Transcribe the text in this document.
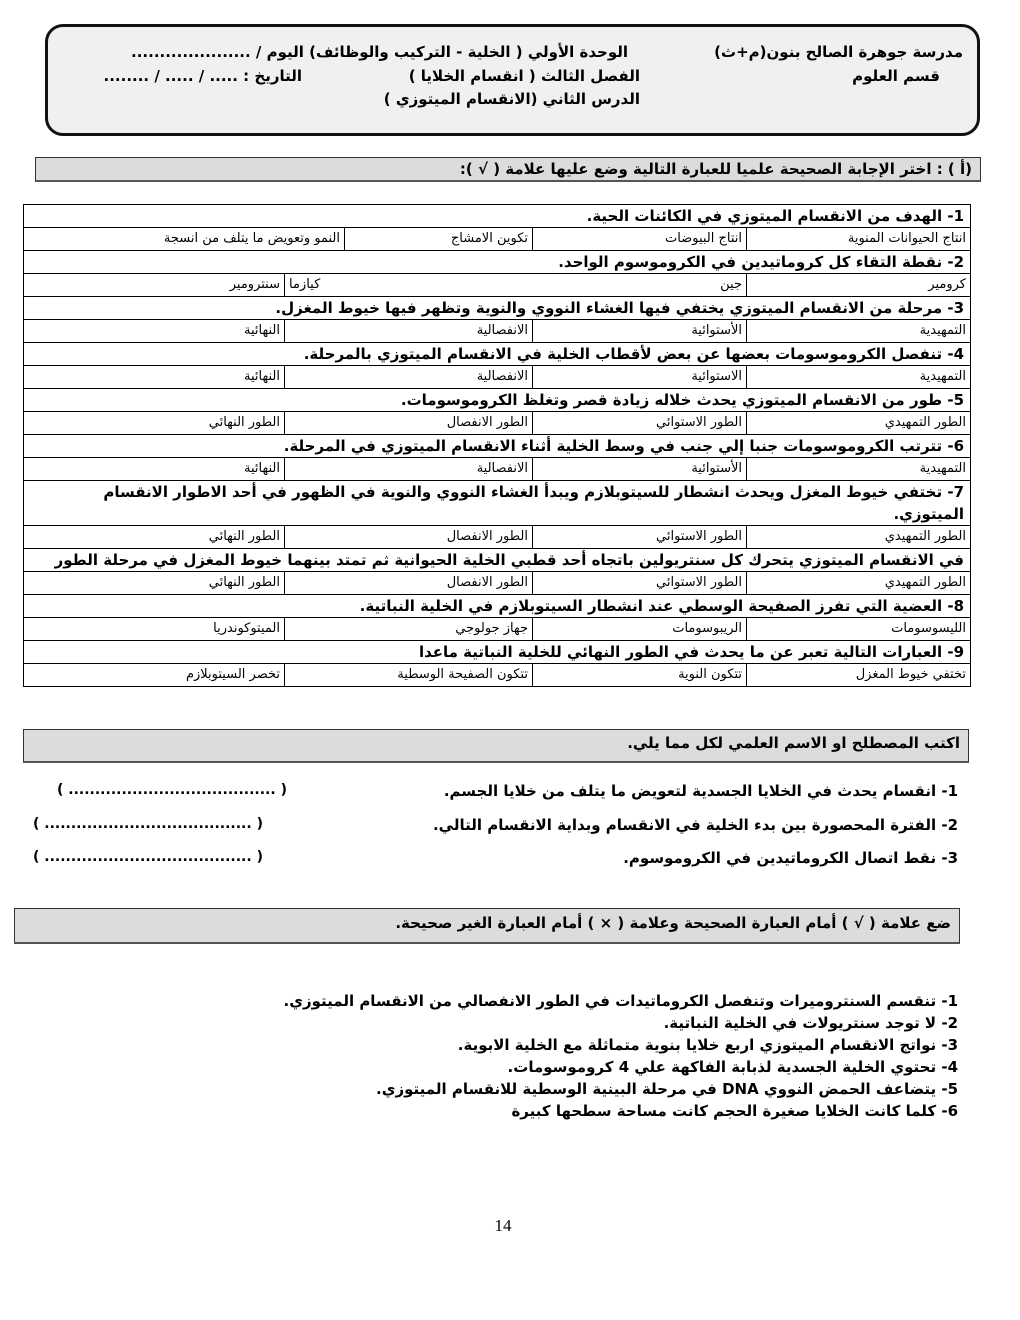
مدرسة جوهرة الصالح بنون(م+ث)
قسم العلوم
الوحدة الأولي ( الخلية - التركيب والوظائف) اليوم / .....................
الفصل الثالث ( انقسام الخلايا )
التاريخ : ..... / ..... / ........
الدرس الثاني (الانقسام الميتوزي )
(أ ) : اختر الإجابة الصحيحة علميا للعبارة التالية وضع عليها علامة ( √ ):
1- الهدف من الانقسام الميتوزي في الكائنات الحية.
انتاج الحيوانات المنوية
انتاج البيوضات
تكوين الامشاج
النمو وتعويض ما يتلف من انسجة
2- نقطة التقاء كل كروماتيدين في الكروموسوم الواحد.
كرومير
جين
كيازما
سنترومير
3- مرحلة من الانقسام الميتوزي يختفي فيها الغشاء النووي والنوية وتظهر فيها خيوط المغزل.
التمهيدية
الأستوائية
الانفصالية
النهائية
4- تنفصل الكروموسومات بعضها عن بعض لأقطاب الخلية في الانقسام الميتوزي بالمرحلة.
التمهيدية
الاستوائية
الانفصالية
النهائية
5- طور من الانقسام الميتوزي يحدث خلاله زيادة قصر وتغلظ الكروموسومات.
الطور التمهيدي
الطور الاستوائي
الطور الانفصال
الطور النهائي
6- تترتب الكروموسومات جنبا إلي جنب في وسط الخلية أثناء الانقسام الميتوزي في المرحلة.
التمهيدية
الأستوائية
الانفصالية
النهائية
7- تختفي خيوط المغزل ويحدث انشطار للسيتوبلازم ويبدأ الغشاء النووي والنوية في الظهور في أحد الاطوار الانقسام الميتوزي.
الطور التمهيدي
الطور الاستوائي
الطور الانفصال
الطور النهائي
في الانقسام الميتوزي يتحرك كل سنتريولين باتجاه أحد قطبي الخلية الحيوانية ثم تمتد بينهما خيوط المغزل في مرحلة الطور
الطور التمهيدي
الطور الاستوائي
الطور الانفصال
الطور النهائي
8- العضية التي تفرز الصفيحة الوسطي عند انشطار السيتوبلازم في الخلية النباتية.
الليسوسومات
الريبوسومات
جهاز جولوجي
الميتوكوندريا
9- العبارات التالية تعبر عن ما يحدث في الطور النهائي للخلية النباتية ماعدا
تختفي خيوط المغزل
تتكون النوية
تتكون الصفيحة الوسطية
تخصر السيتوبلازم
اكتب المصطلح او الاسم العلمي لكل مما يلي.
1- انقسام يحدث في الخلايا الجسدية لتعويض ما يتلف من خلايا الجسم.
( ....................................... )
2- الفترة المحصورة بين بدء الخلية في الانقسام وبداية الانقسام التالي.
( ....................................... )
3- نقط اتصال الكروماتيدين في الكروموسوم.
( ....................................... )
ضع علامة ( √ ) أمام العبارة الصحيحة وعلامة ( × ) أمام العبارة الغير صحيحة.
1- تنقسم السنتروميرات وتنفصل الكروماتيدات في الطور الانفصالي من الانقسام الميتوزي.
2- لا توجد سنتريولات في الخلية النباتية.
3- نواتج الانقسام الميتوزي اربع خلايا بنوية متماثلة مع الخلية الابوية.
4- تحتوي الخلية الجسدية لذبابة الفاكهة علي 4 كروموسومات.
5- يتضاعف الحمض النووي DNA في مرحلة البينية الوسطية للانقسام الميتوزي.
6- كلما كانت الخلايا صغيرة الحجم كانت مساحة سطحها كبيرة
14
